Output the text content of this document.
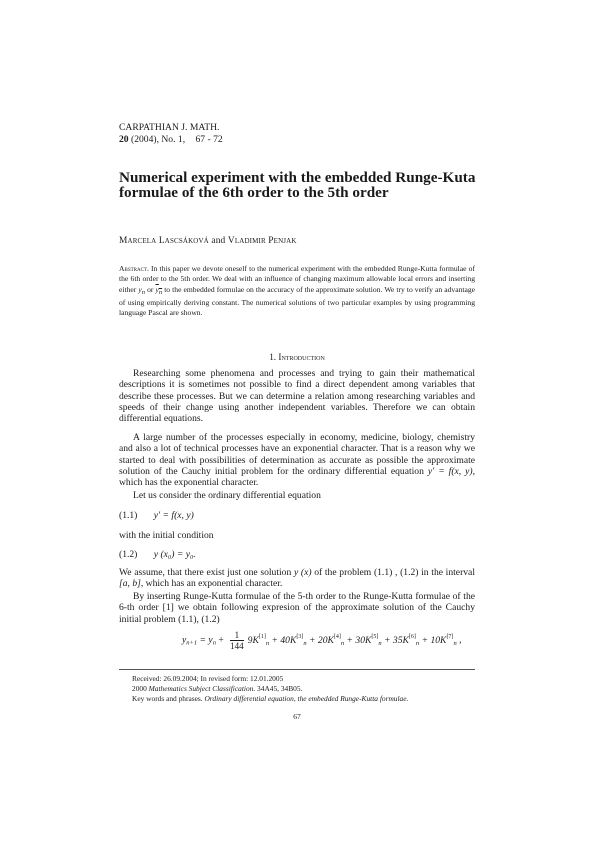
CARPATHIAN J. MATH.
20 (2004), No. 1, 67 - 72
Numerical experiment with the embedded Runge-Kuta formulae of the 6th order to the 5th order
Marcela Lascsáková and Vladimir Penjak
Abstract. In this paper we devote oneself to the numerical experiment with the embedded Runge-Kutta formulae of the 6th order to the 5th order. We deal with an influence of changing maximum allowable local errors and inserting either $y_n$ or $y_n$ to the embedded formulae on the accuracy of the approximate solution. We try to verify an advantage of using empirically deriving constant. The numerical solutions of two particular examples by using programming language Pascal are shown.
1. Introduction
Researching some phenomena and processes and trying to gain their mathematical descriptions it is sometimes not possible to find a direct dependent among variables that describe these processes. But we can determine a relation among researching variables and speeds of their change using another independent variables. Therefore we can obtain differential equations.
A large number of the processes especially in economy, medicine, biology, chemistry and also a lot of technical processes have an exponential character. That is a reason why we started to deal with possibilities of determination as accurate as possible the approximate solution of the Cauchy initial problem for the ordinary differential equation y′ = f(x, y), which has the exponential character.
Let us consider the ordinary differential equation
(1.1) y′ = f(x, y)
with the initial condition
(1.2) y (x₀) = y₀.
We assume, that there exist just one solution y (x) of the problem (1.1) , (1.2) in the interval [a, b], which has an exponential character.
By inserting Runge-Kutta formulae of the 5-th order to the Runge-Kutta formulae of the 6-th order [1] we obtain following expresion of the approximate solution of the Cauchy initial problem (1.1), (1.2)
$y_{n+1} = y_n + \frac{1}{144} 9K[1]_n + 40K[3]_n + 20K[4]_n + 30K[5]_n + 35K[6]_n + 10K[7]_n$ ,
Received: 26.09.2004; In revised form: 12.01.2005
2000 Mathematics Subject Classification. 34A45, 34B05.
Key words and phrases. Ordinary differential equation, the embedded Runge-Kutta formulae.
67
